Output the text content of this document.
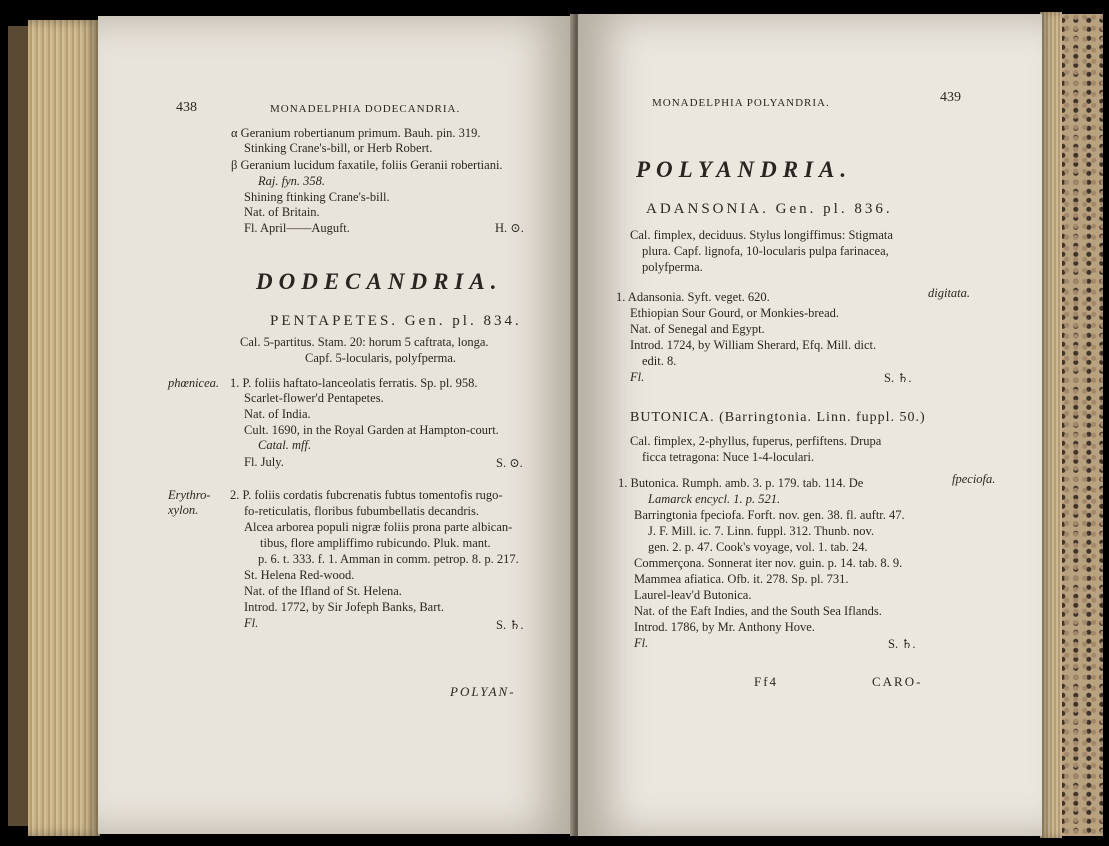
438	MONADELPHIA DODECANDRIA.
α Geranium robertianum primum. Bauh. pin. 319.
Stinking Crane's-bill, or Herb Robert.
β Geranium lucidum faxatile, foliis Geranii robertiani.
Raj. fyn. 358.
Shining ftinking Crane's-bill.
Nat. of Britain.
Fl. April——Auguft.	H. ⊙.
DODECANDRIA.
PENTAPETES. Gen. pl. 834.
Cal. 5-partitus. Stam. 20: horum 5 caftrata, longa.
Capf. 5-locularis, polyfperma.
phœnicea. 1. P. foliis haftato-lanceolatis ferratis. Sp. pl. 958.
Scarlet-flower'd Pentapetes.
Nat. of India.
Cult. 1690, in the Royal Garden at Hampton-court.
Catal. mff.
Fl. July.	S. ⊙.
Erythro-
xylon.
2. P. foliis cordatis fubcrenatis fubtus tomentofis rugo-
fo-reticulatis, floribus fubumbellatis decandris.
Alcea arborea populi nigræ foliis prona parte albican-
tibus, flore ampliffimo rubicundo. Pluk. mant.
p. 6. t. 333. f. 1. Amman in comm. petrop. 8. p. 217.
St. Helena Red-wood.
Nat. of the Ifland of St. Helena.
Introd. 1772, by Sir Jofeph Banks, Bart.
Fl.	S. ♄.
POLYAN-
MONADELPHIA POLYANDRIA.	439
POLYANDRIA.
ADANSONIA. Gen. pl. 836.
Cal. fimplex, deciduus. Stylus longiffimus: Stigmata
plura. Capf. lignofa, 10-locularis pulpa farinacea,
polyfperma.
digitata.
1. Adansonia. Syft. veget. 620.
Ethiopian Sour Gourd, or Monkies-bread.
Nat. of Senegal and Egypt.
Introd. 1724, by William Sherard, Efq. Mill. dict.
edit. 8.
Fl.	S. ♄.
BUTONICA. (Barringtonia. Linn. fuppl. 50.)
Cal. fimplex, 2-phyllus, fuperus, perfiftens. Drupa
ficca tetragona: Nuce 1-4-loculari.
fpeciofa.
1. Butonica. Rumph. amb. 3. p. 179. tab. 114. De
Lamarck encycl. 1. p. 521.
Barringtonia fpeciofa. Forft. nov. gen. 38. fl. auftr. 47.
J. F. Mill. ic. 7. Linn. fuppl. 312. Thunb. nov.
gen. 2. p. 47. Cook's voyage, vol. 1. tab. 24.
Commerçona. Sonnerat iter nov. guin. p. 14. tab. 8. 9.
Mammea afiatica. Ofb. it. 278. Sp. pl. 731.
Laurel-leav'd Butonica.
Nat. of the Eaft Indies, and the South Sea Iflands.
Introd. 1786, by Mr. Anthony Hove.
Fl.	S. ♄.
Ff4	CARO-
